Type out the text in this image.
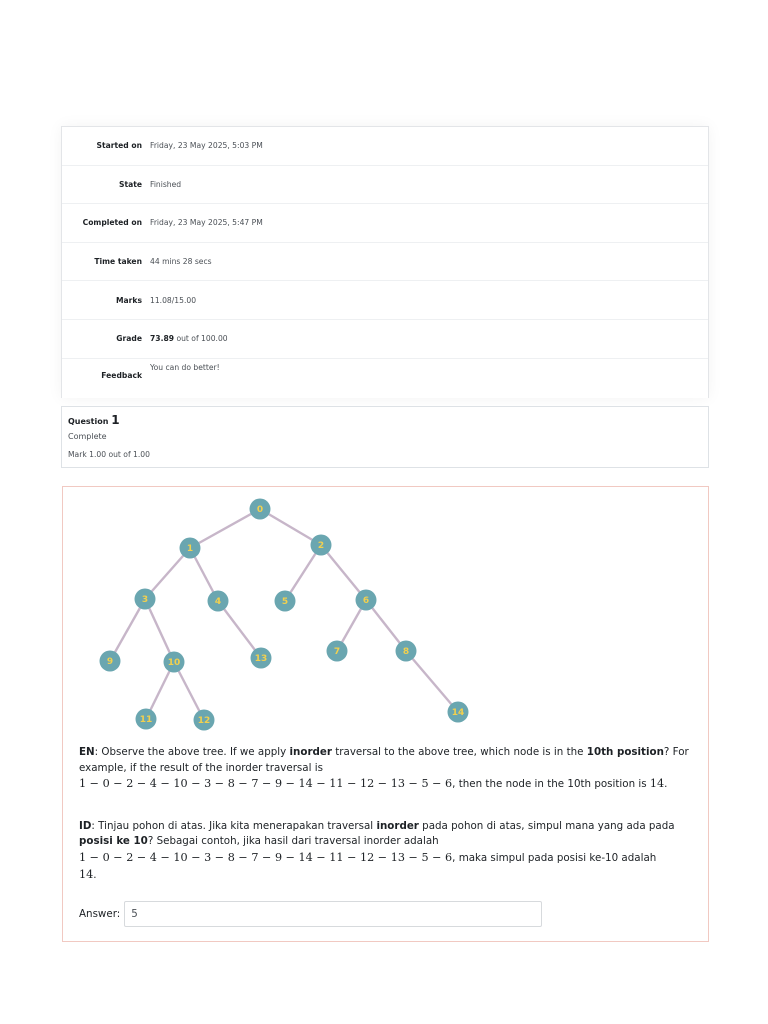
Started on Friday, 23 May 2025, 5:03 PM
State Finished
Completed on Friday, 23 May 2025, 5:47 PM
Time taken 44 mins 28 secs
Marks 11.08/15.00
Grade 73.89 out of 100.00
Feedback
You can do better!
Question 1
Complete
Mark 1.00 out of 1.00
0
1	2
3	4	5	6
7	8
9	10
11	12
13
14

EN: Observe the above tree. If we apply inorder traversal to the above tree, which node is in the 10th position? For example, if the result of the inorder traversal is
1 − 0 − 2 − 4 − 10 − 3 − 8 − 7 − 9 − 14 − 11 − 12 − 13 − 5 − 6, then the node in the 10th position is 14.

ID: Tinjau pohon di atas. Jika kita menerapakan traversal inorder pada pohon di atas, simpul mana yang ada pada posisi ke 10? Sebagai contoh, jika hasil dari traversal inorder adalah
1 − 0 − 2 − 4 − 10 − 3 − 8 − 7 − 9 − 14 − 11 − 12 − 13 − 5 − 6, maka simpul pada posisi ke-10 adalah
14.

Answer: 5
